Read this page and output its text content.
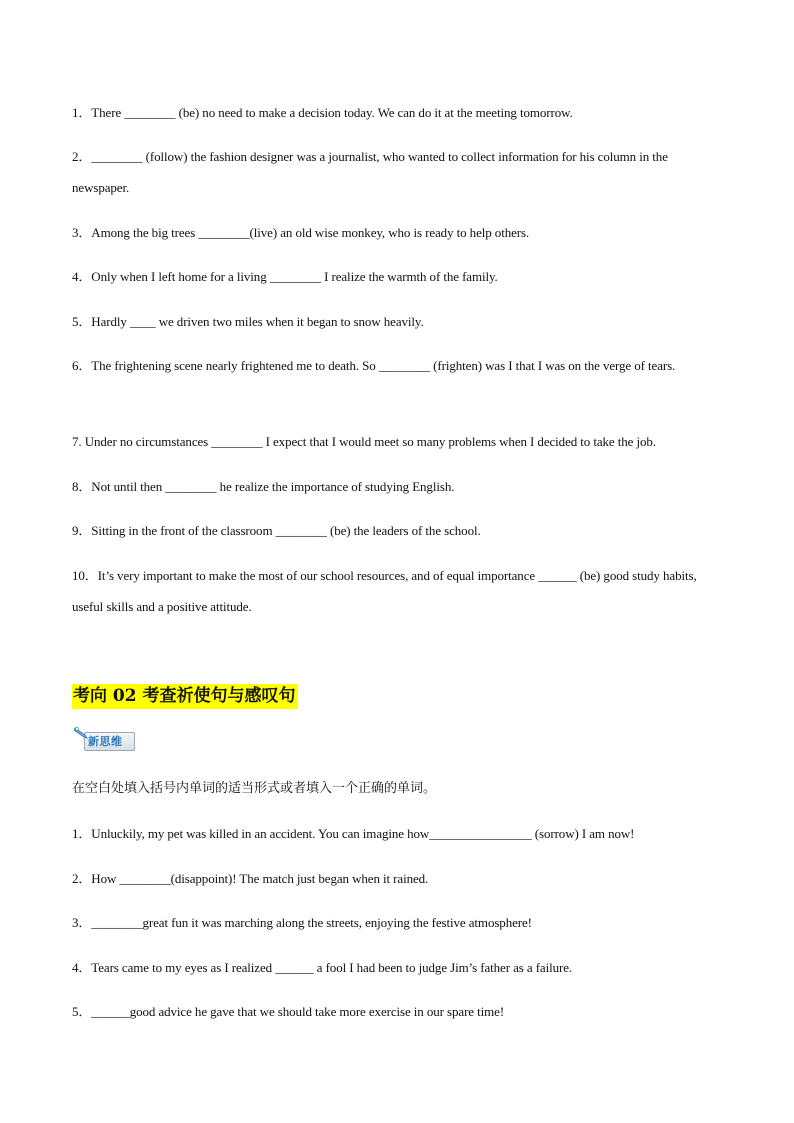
1．There ________ (be) no need to make a decision today. We can do it at the meeting tomorrow.
2．________ (follow) the fashion designer was a journalist, who wanted to collect information for his column in the newspaper.
3．Among the big trees ________(live) an old wise monkey, who is ready to help others.
4．Only when I left home for a living ________ I realize the warmth of the family.
5．Hardly ____ we driven two miles when it began to snow heavily.
6．The frightening scene nearly frightened me to death. So ________ (frighten) was I that I was on the verge of tears.
7. Under no circumstances ________ I expect that I would meet so many problems when I decided to take the job.
8．Not until then ________ he realize the importance of studying English.
9．Sitting in the front of the classroom ________ (be) the leaders of the school.
10．It’s very important to make the most of our school resources, and of equal importance ______ (be) good study habits, useful skills and a positive attitude.
考向 02 考查祈使句与感叹句
新思维
在空白处填入括号内单词的适当形式或者填入一个正确的单词。
1．Unluckily, my pet was killed in an accident. You can imagine how________________ (sorrow) I am now!
2．How ________(disappoint)! The match just began when it rained.
3．________great fun it was marching along the streets, enjoying the festive atmosphere!
4．Tears came to my eyes as I realized ______ a fool I had been to judge Jim’s father as a failure.
5．______good advice he gave that we should take more exercise in our spare time!
